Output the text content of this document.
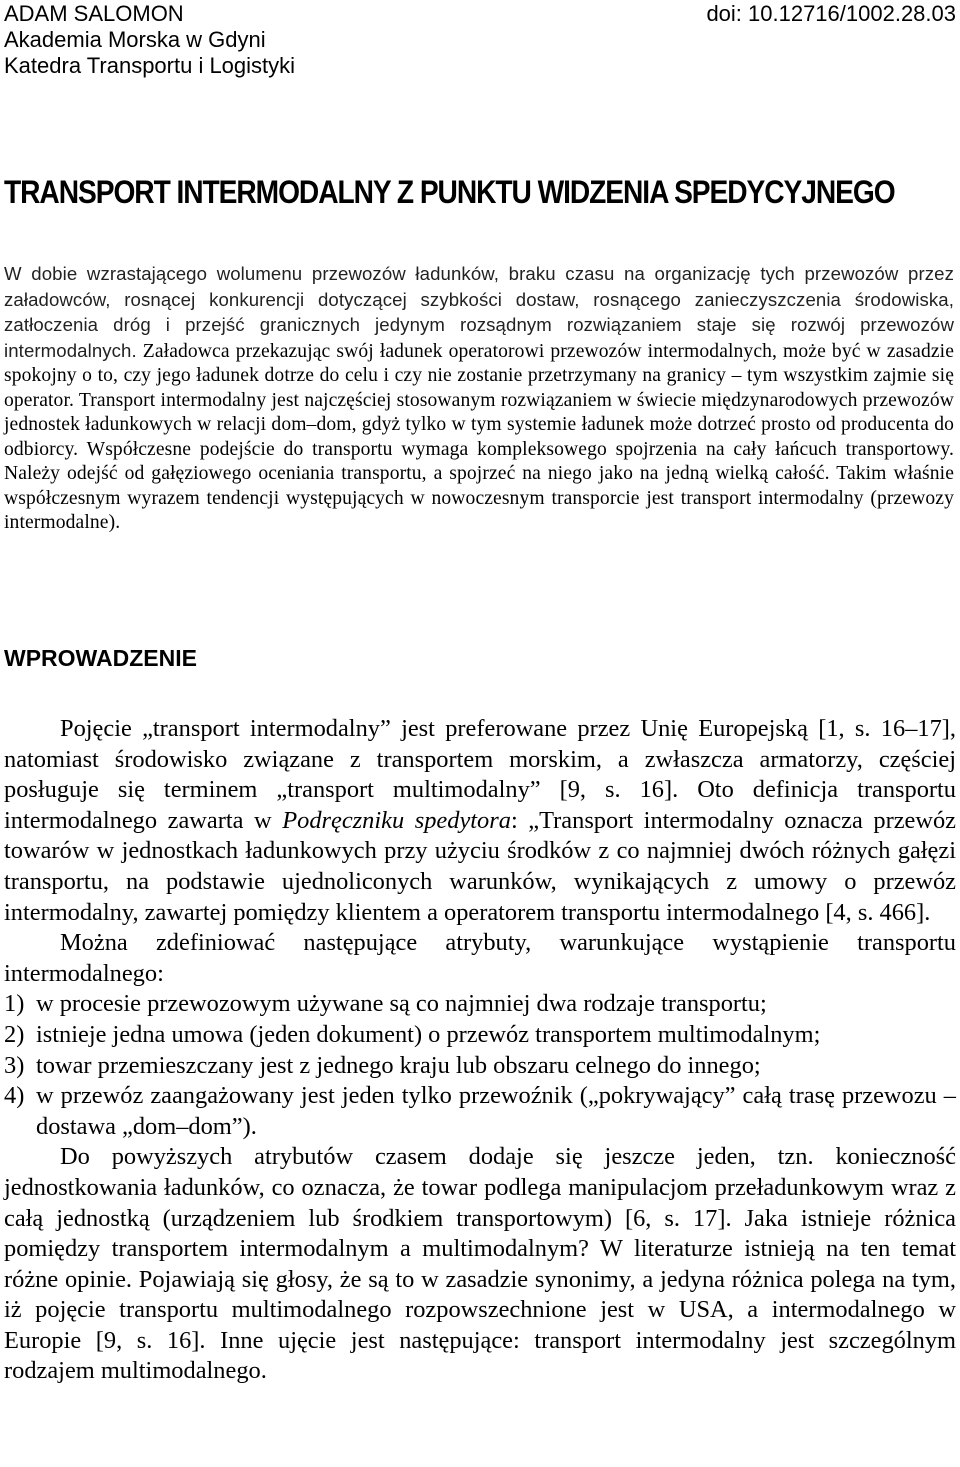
ADAM SALOMON
Akademia Morska w Gdyni
Katedra Transportu i Logistyki
doi: 10.12716/1002.28.03
TRANSPORT INTERMODALNY Z PUNKTU WIDZENIA SPEDYCYJNEGO

W dobie wzrastającego wolumenu przewozów ładunków, braku czasu na organizację tych przewozów przez załadowców, rosnącej konkurencji dotyczącej szybkości dostaw, rosnącego zanieczyszczenia środowiska, zatłoczenia dróg i przejść granicznych jedynym rozsądnym rozwiązaniem staje się rozwój przewozów intermodalnych. Załadowca przekazując swój ładunek operatorowi przewozów intermodalnych, może być w zasadzie spokojny o to, czy jego ładunek dotrze do celu i czy nie zostanie przetrzymany na granicy – tym wszystkim zajmie się operator. Transport intermodalny jest najczęściej stosowanym rozwiązaniem w świecie międzynarodowych przewozów jednostek ładunkowych w relacji dom–dom, gdyż tylko w tym systemie ładunek może dotrzeć prosto od producenta do odbiorcy. Współczesne podejście do transportu wymaga kompleksowego spojrzenia na cały łańcuch transportowy. Należy odejść od gałęziowego oceniania transportu, a spojrzeć na niego jako na jedną wielką całość. Takim właśnie współczesnym wyrazem tendencji występujących w nowoczesnym transporcie jest transport intermodalny (przewozy intermodalne).

WPROWADZENIE

Pojęcie „transport intermodalny” jest preferowane przez Unię Europejską [1, s. 16–17], natomiast środowisko związane z transportem morskim, a zwłaszcza armatorzy, częściej posługuje się terminem „transport multimodalny” [9, s. 16]. Oto definicja transportu intermodalnego zawarta w Podręczniku spedytora: „Transport intermodalny oznacza przewóz towarów w jednostkach ładunkowych przy użyciu środków z co najmniej dwóch różnych gałęzi transportu, na podstawie ujednoliconych warunków, wynikających z umowy o przewóz intermodalny, zawartej pomiędzy klientem a operatorem transportu intermodalnego [4, s. 466].

Można zdefiniować następujące atrybuty, warunkujące wystąpienie transportu intermodalnego:

1) w procesie przewozowym używane są co najmniej dwa rodzaje transportu;
2) istnieje jedna umowa (jeden dokument) o przewóz transportem multimodalnym;
3) towar przemieszczany jest z jednego kraju lub obszaru celnego do innego;
4) w przewóz zaangażowany jest jeden tylko przewoźnik („pokrywający” całą trasę przewozu – dostawa „dom–dom”).

Do powyższych atrybutów czasem dodaje się jeszcze jeden, tzn. konieczność jednostkowania ładunków, co oznacza, że towar podlega manipulacjom przeładunkowym wraz z całą jednostką (urządzeniem lub środkiem transportowym) [6, s. 17]. Jaka istnieje różnica pomiędzy transportem intermodalnym a multimodalnym? W literaturze istnieją na ten temat różne opinie. Pojawiają się głosy, że są to w zasadzie synonimy, a jedyna różnica polega na tym, iż pojęcie transportu multimodalnego rozpowszechnione jest w USA, a intermodalnego w Europie [9, s. 16]. Inne ujęcie jest następujące: transport intermodalny jest szczególnym rodzajem multimodalnego.
